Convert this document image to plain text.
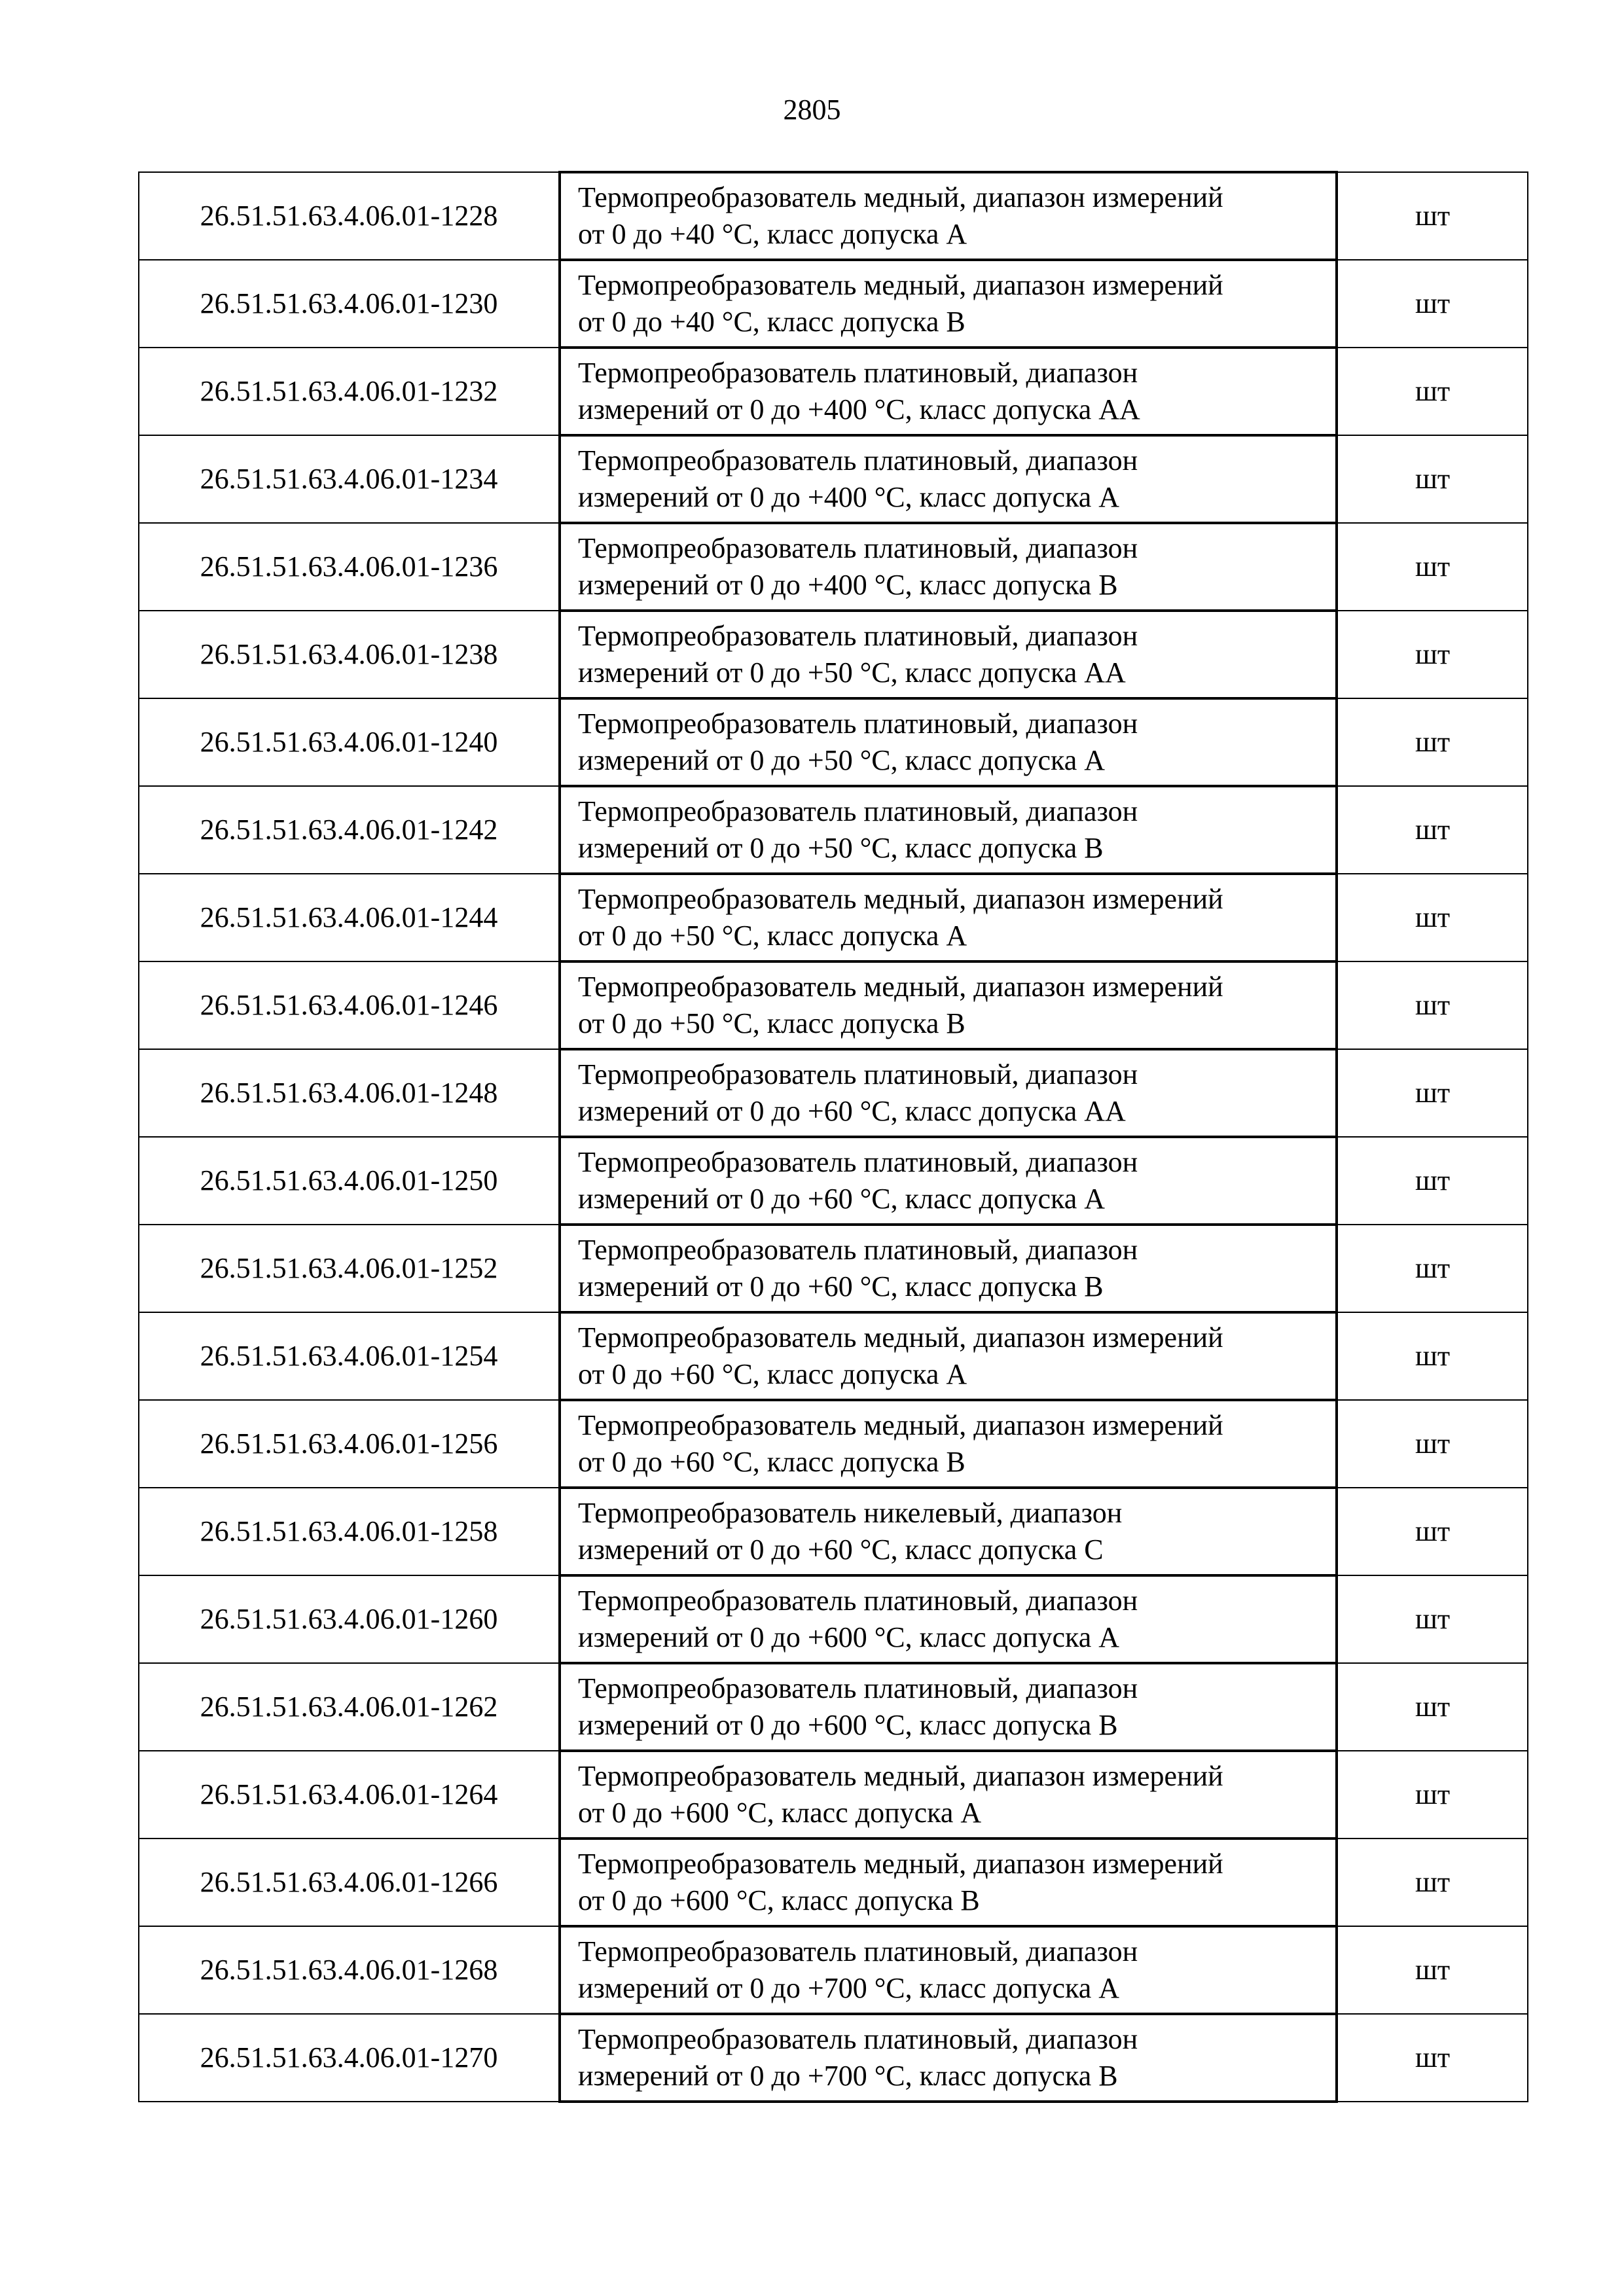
2805
26.51.51.63.4.06.01-1228	Термопреобразователь медный, диапазон измерений
от 0 до +40 °С, класс допуска А	шт
26.51.51.63.4.06.01-1230	Термопреобразователь медный, диапазон измерений
от 0 до +40 °С, класс допуска В	шт
26.51.51.63.4.06.01-1232	Термопреобразователь платиновый, диапазон
измерений от 0 до +400 °С, класс допуска АА	шт
26.51.51.63.4.06.01-1234	Термопреобразователь платиновый, диапазон
измерений от 0 до +400 °С, класс допуска А	шт
26.51.51.63.4.06.01-1236	Термопреобразователь платиновый, диапазон
измерений от 0 до +400 °С, класс допуска В	шт
26.51.51.63.4.06.01-1238	Термопреобразователь платиновый, диапазон
измерений от 0 до +50 °С, класс допуска АА	шт
26.51.51.63.4.06.01-1240	Термопреобразователь платиновый, диапазон
измерений от 0 до +50 °С, класс допуска А	шт
26.51.51.63.4.06.01-1242	Термопреобразователь платиновый, диапазон
измерений от 0 до +50 °С, класс допуска В	шт
26.51.51.63.4.06.01-1244	Термопреобразователь медный, диапазон измерений
от 0 до +50 °С, класс допуска А	шт
26.51.51.63.4.06.01-1246	Термопреобразователь медный, диапазон измерений
от 0 до +50 °С, класс допуска В	шт
26.51.51.63.4.06.01-1248	Термопреобразователь платиновый, диапазон
измерений от 0 до +60 °С, класс допуска АА	шт
26.51.51.63.4.06.01-1250	Термопреобразователь платиновый, диапазон
измерений от 0 до +60 °С, класс допуска А	шт
26.51.51.63.4.06.01-1252	Термопреобразователь платиновый, диапазон
измерений от 0 до +60 °С, класс допуска В	шт
26.51.51.63.4.06.01-1254	Термопреобразователь медный, диапазон измерений
от 0 до +60 °С, класс допуска А	шт
26.51.51.63.4.06.01-1256	Термопреобразователь медный, диапазон измерений
от 0 до +60 °С, класс допуска В	шт
26.51.51.63.4.06.01-1258	Термопреобразователь никелевый, диапазон
измерений от 0 до +60 °С, класс допуска С	шт
26.51.51.63.4.06.01-1260	Термопреобразователь платиновый, диапазон
измерений от 0 до +600 °С, класс допуска А	шт
26.51.51.63.4.06.01-1262	Термопреобразователь платиновый, диапазон
измерений от 0 до +600 °С, класс допуска В	шт
26.51.51.63.4.06.01-1264	Термопреобразователь медный, диапазон измерений
от 0 до +600 °С, класс допуска А	шт
26.51.51.63.4.06.01-1266	Термопреобразователь медный, диапазон измерений
от 0 до +600 °С, класс допуска В	шт
26.51.51.63.4.06.01-1268	Термопреобразователь платиновый, диапазон
измерений от 0 до +700 °С, класс допуска А	шт
26.51.51.63.4.06.01-1270	Термопреобразователь платиновый, диапазон
измерений от 0 до +700 °С, класс допуска В	шт
